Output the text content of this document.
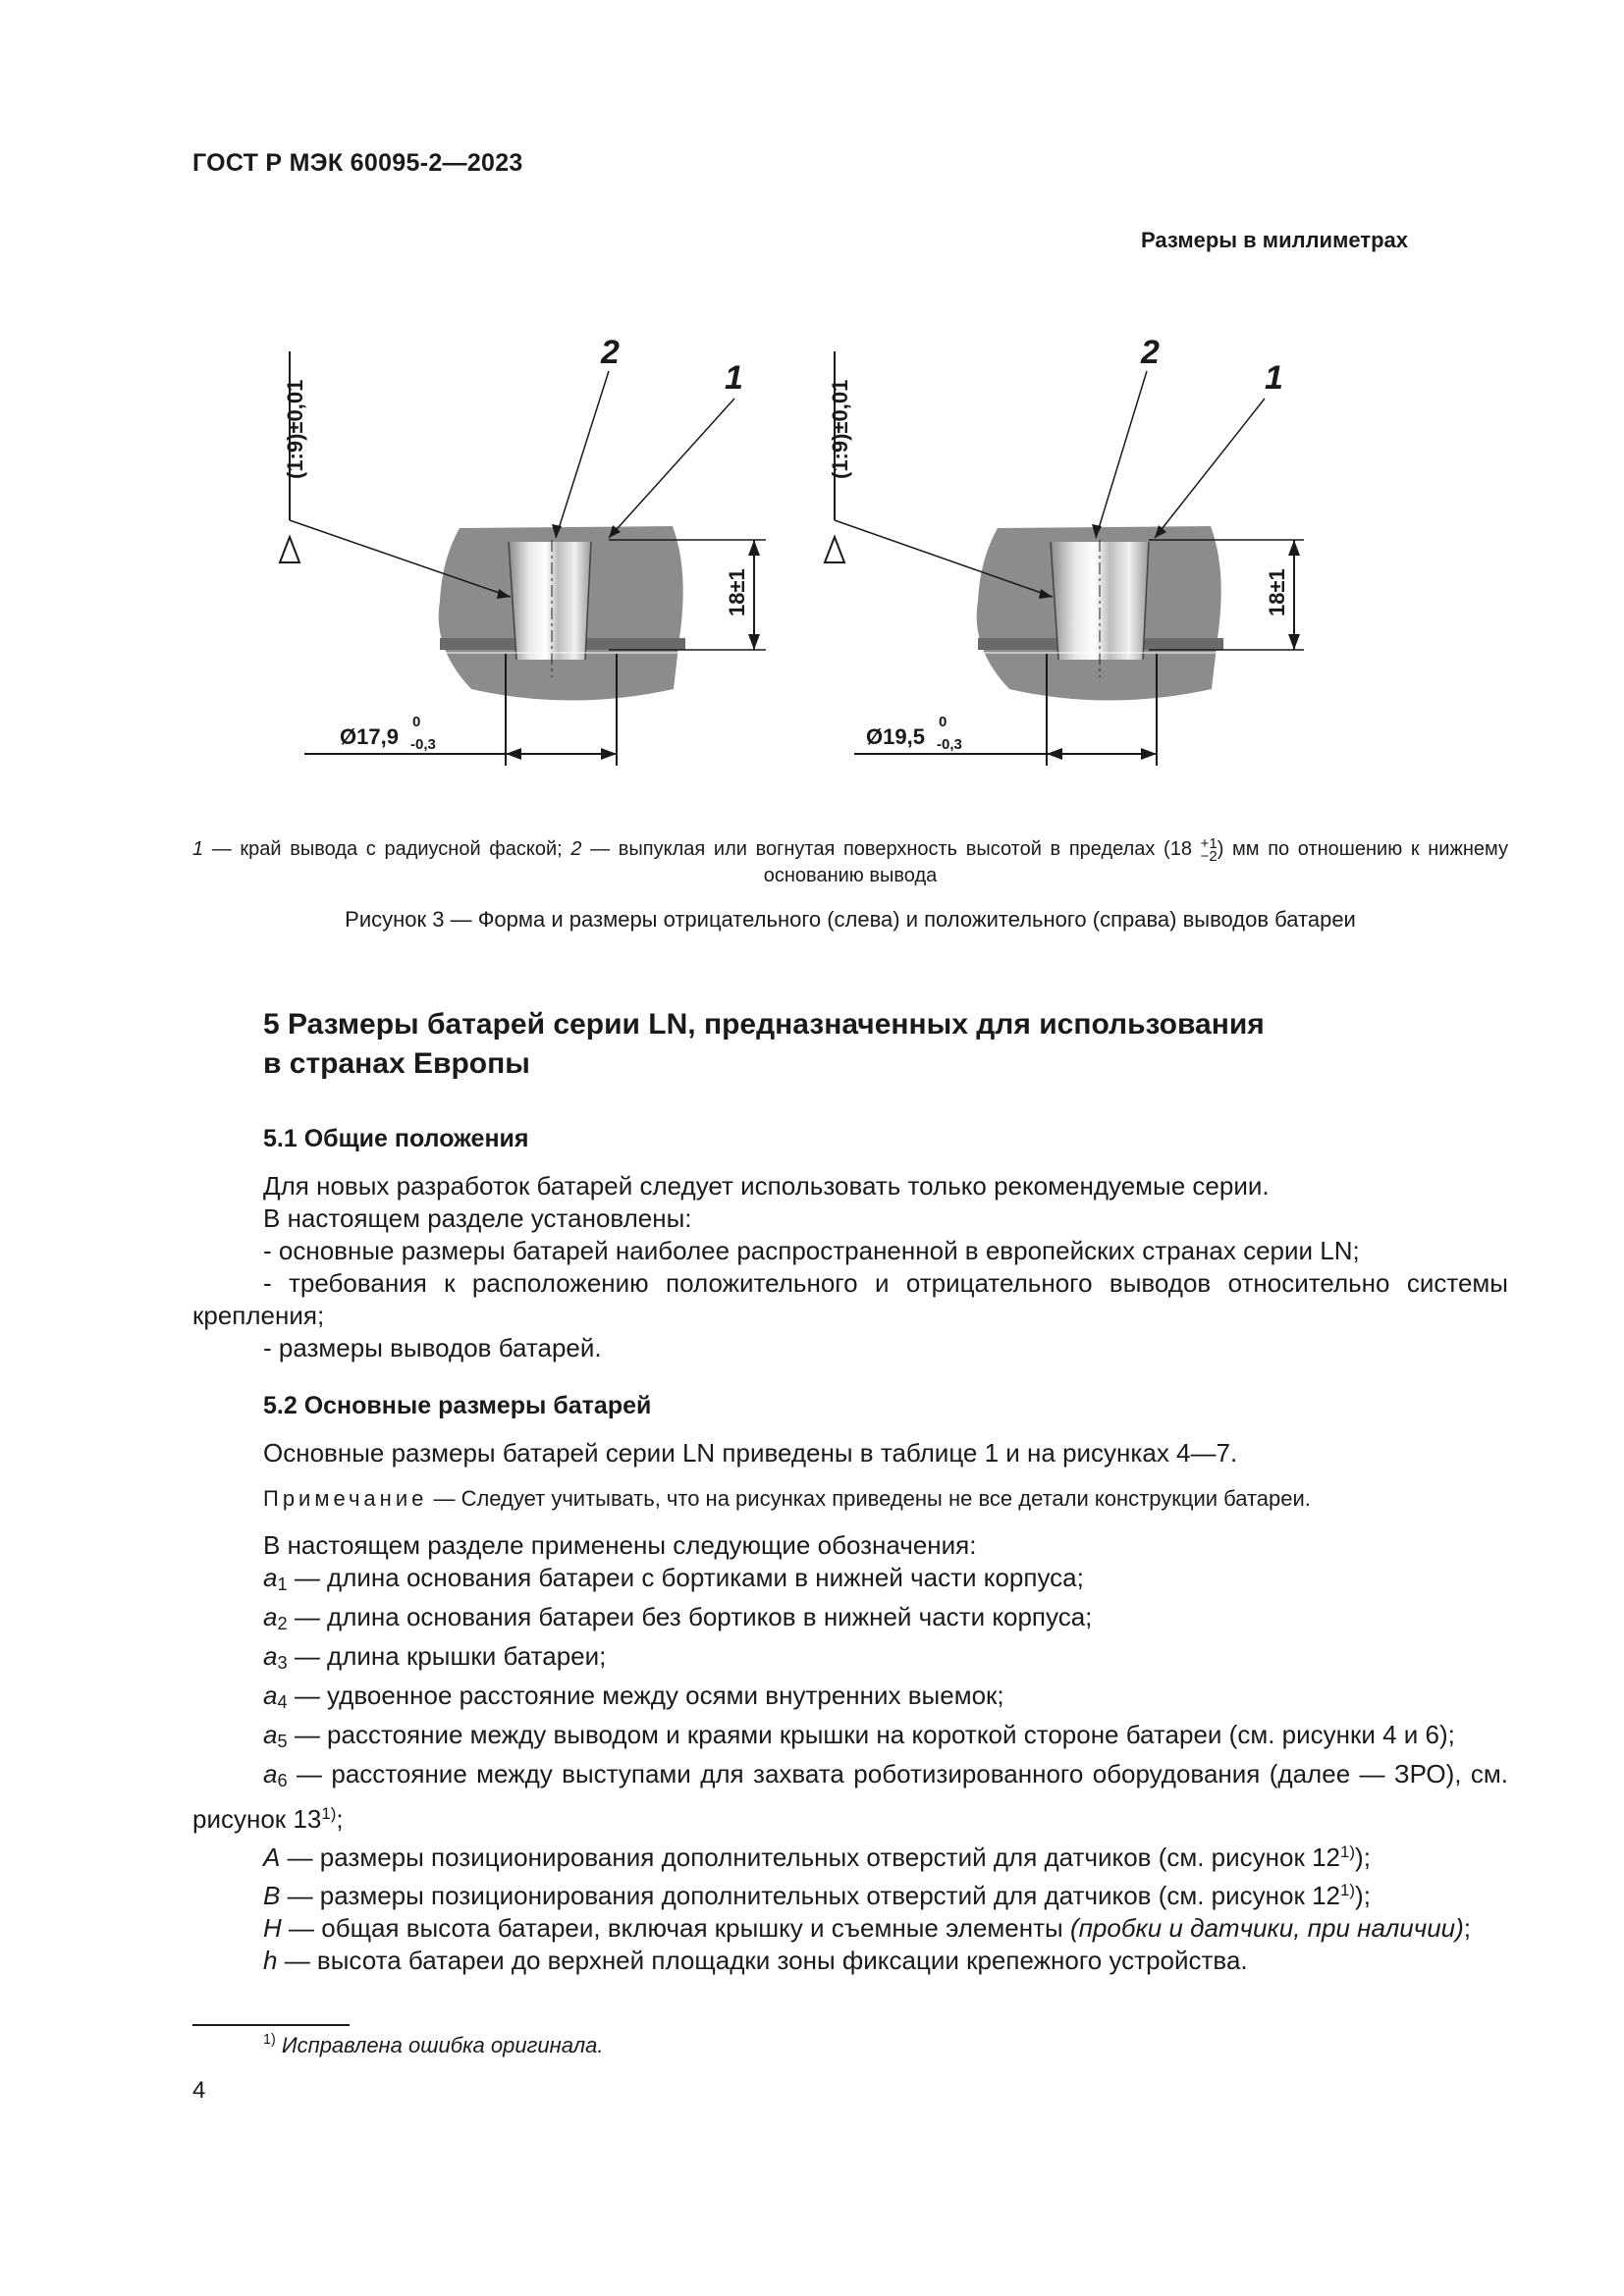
ГОСТ Р МЭК 60095-2—2023
Размеры в миллиметрах
(1:9)±0,01
2
1
18±1
Ø17,9
0
-0,3
(1:9)±0,01
2
1
18±1
Ø19,5
0
-0,3
1 — край вывода с радиусной фаской; 2 — выпуклая или вогнутая поверхность высотой в пределах (18 +1
−2) мм по отношению к нижнему основанию вывода
Рисунок 3 — Форма и размеры отрицательного (слева) и положительного (справа) выводов батареи
5 Размеры батарей серии LN, предназначенных для использования
в странах Европы
5.1 Общие положения

Для новых разработок батарей следует использовать только рекомендуемые серии.

В настоящем разделе установлены:

- основные размеры батарей наиболее распространенной в европейских странах серии LN;

- требования к расположению положительного и отрицательного выводов относительно системы крепления;

- размеры выводов батарей.

5.2 Основные размеры батарей

Основные размеры батарей серии LN приведены в таблице 1 и на рисунках 4—7.

Примечание — Следует учитывать, что на рисунках приведены не все детали конструкции батареи.

В настоящем разделе применены следующие обозначения:

$a_1$ — длина основания батареи с бортиками в нижней части корпуса;

$a_2$ — длина основания батареи без бортиков в нижней части корпуса;

$a_3$ — длина крышки батареи;

$a_4$ — удвоенное расстояние между осями внутренних выемок;

$a_5$ — расстояние между выводом и краями крышки на короткой стороне батареи (см. рисунки 4 и 6);

$a_6$ — расстояние между выступами для захвата роботизированного оборудования (далее — ЗРО), см. рисунок 13$^{1)}$;

A — размеры позиционирования дополнительных отверстий для датчиков (см. рисунок 12$^{1)}$);

B — размеры позиционирования дополнительных отверстий для датчиков (см. рисунок 12$^{1)}$);

H — общая высота батареи, включая крышку и съемные элементы (пробки и датчики, при наличии);

h — высота батареи до верхней площадки зоны фиксации крепежного устройства.

$^{1)}$ Исправлена ошибка оригинала.
4
